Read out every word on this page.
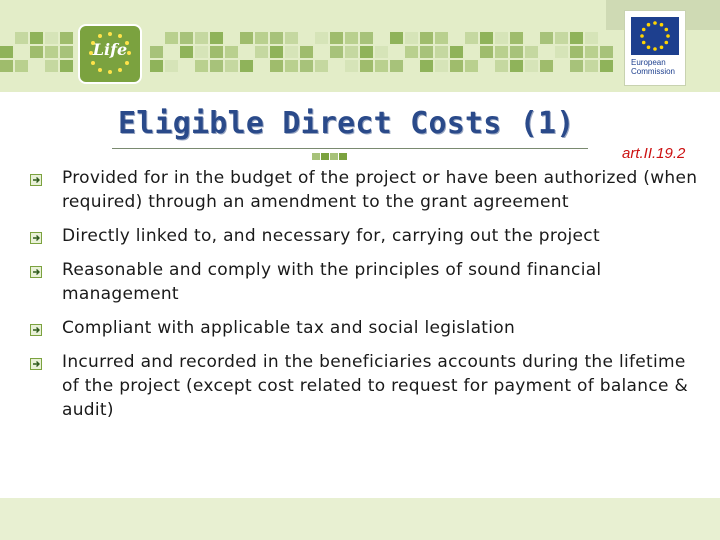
Life
European
Commission
Eligible Direct Costs (1)
art.II.19.2
Provided for in the budget of the project or have been authorized (when required) through an amendment to the grant agreement
Directly linked to, and necessary for, carrying out the project
Reasonable and comply with the principles of sound financial management
Compliant with applicable tax and social legislation
Incurred and recorded in the beneficiaries accounts during the lifetime of the project (except cost related to request for payment of balance & audit)
